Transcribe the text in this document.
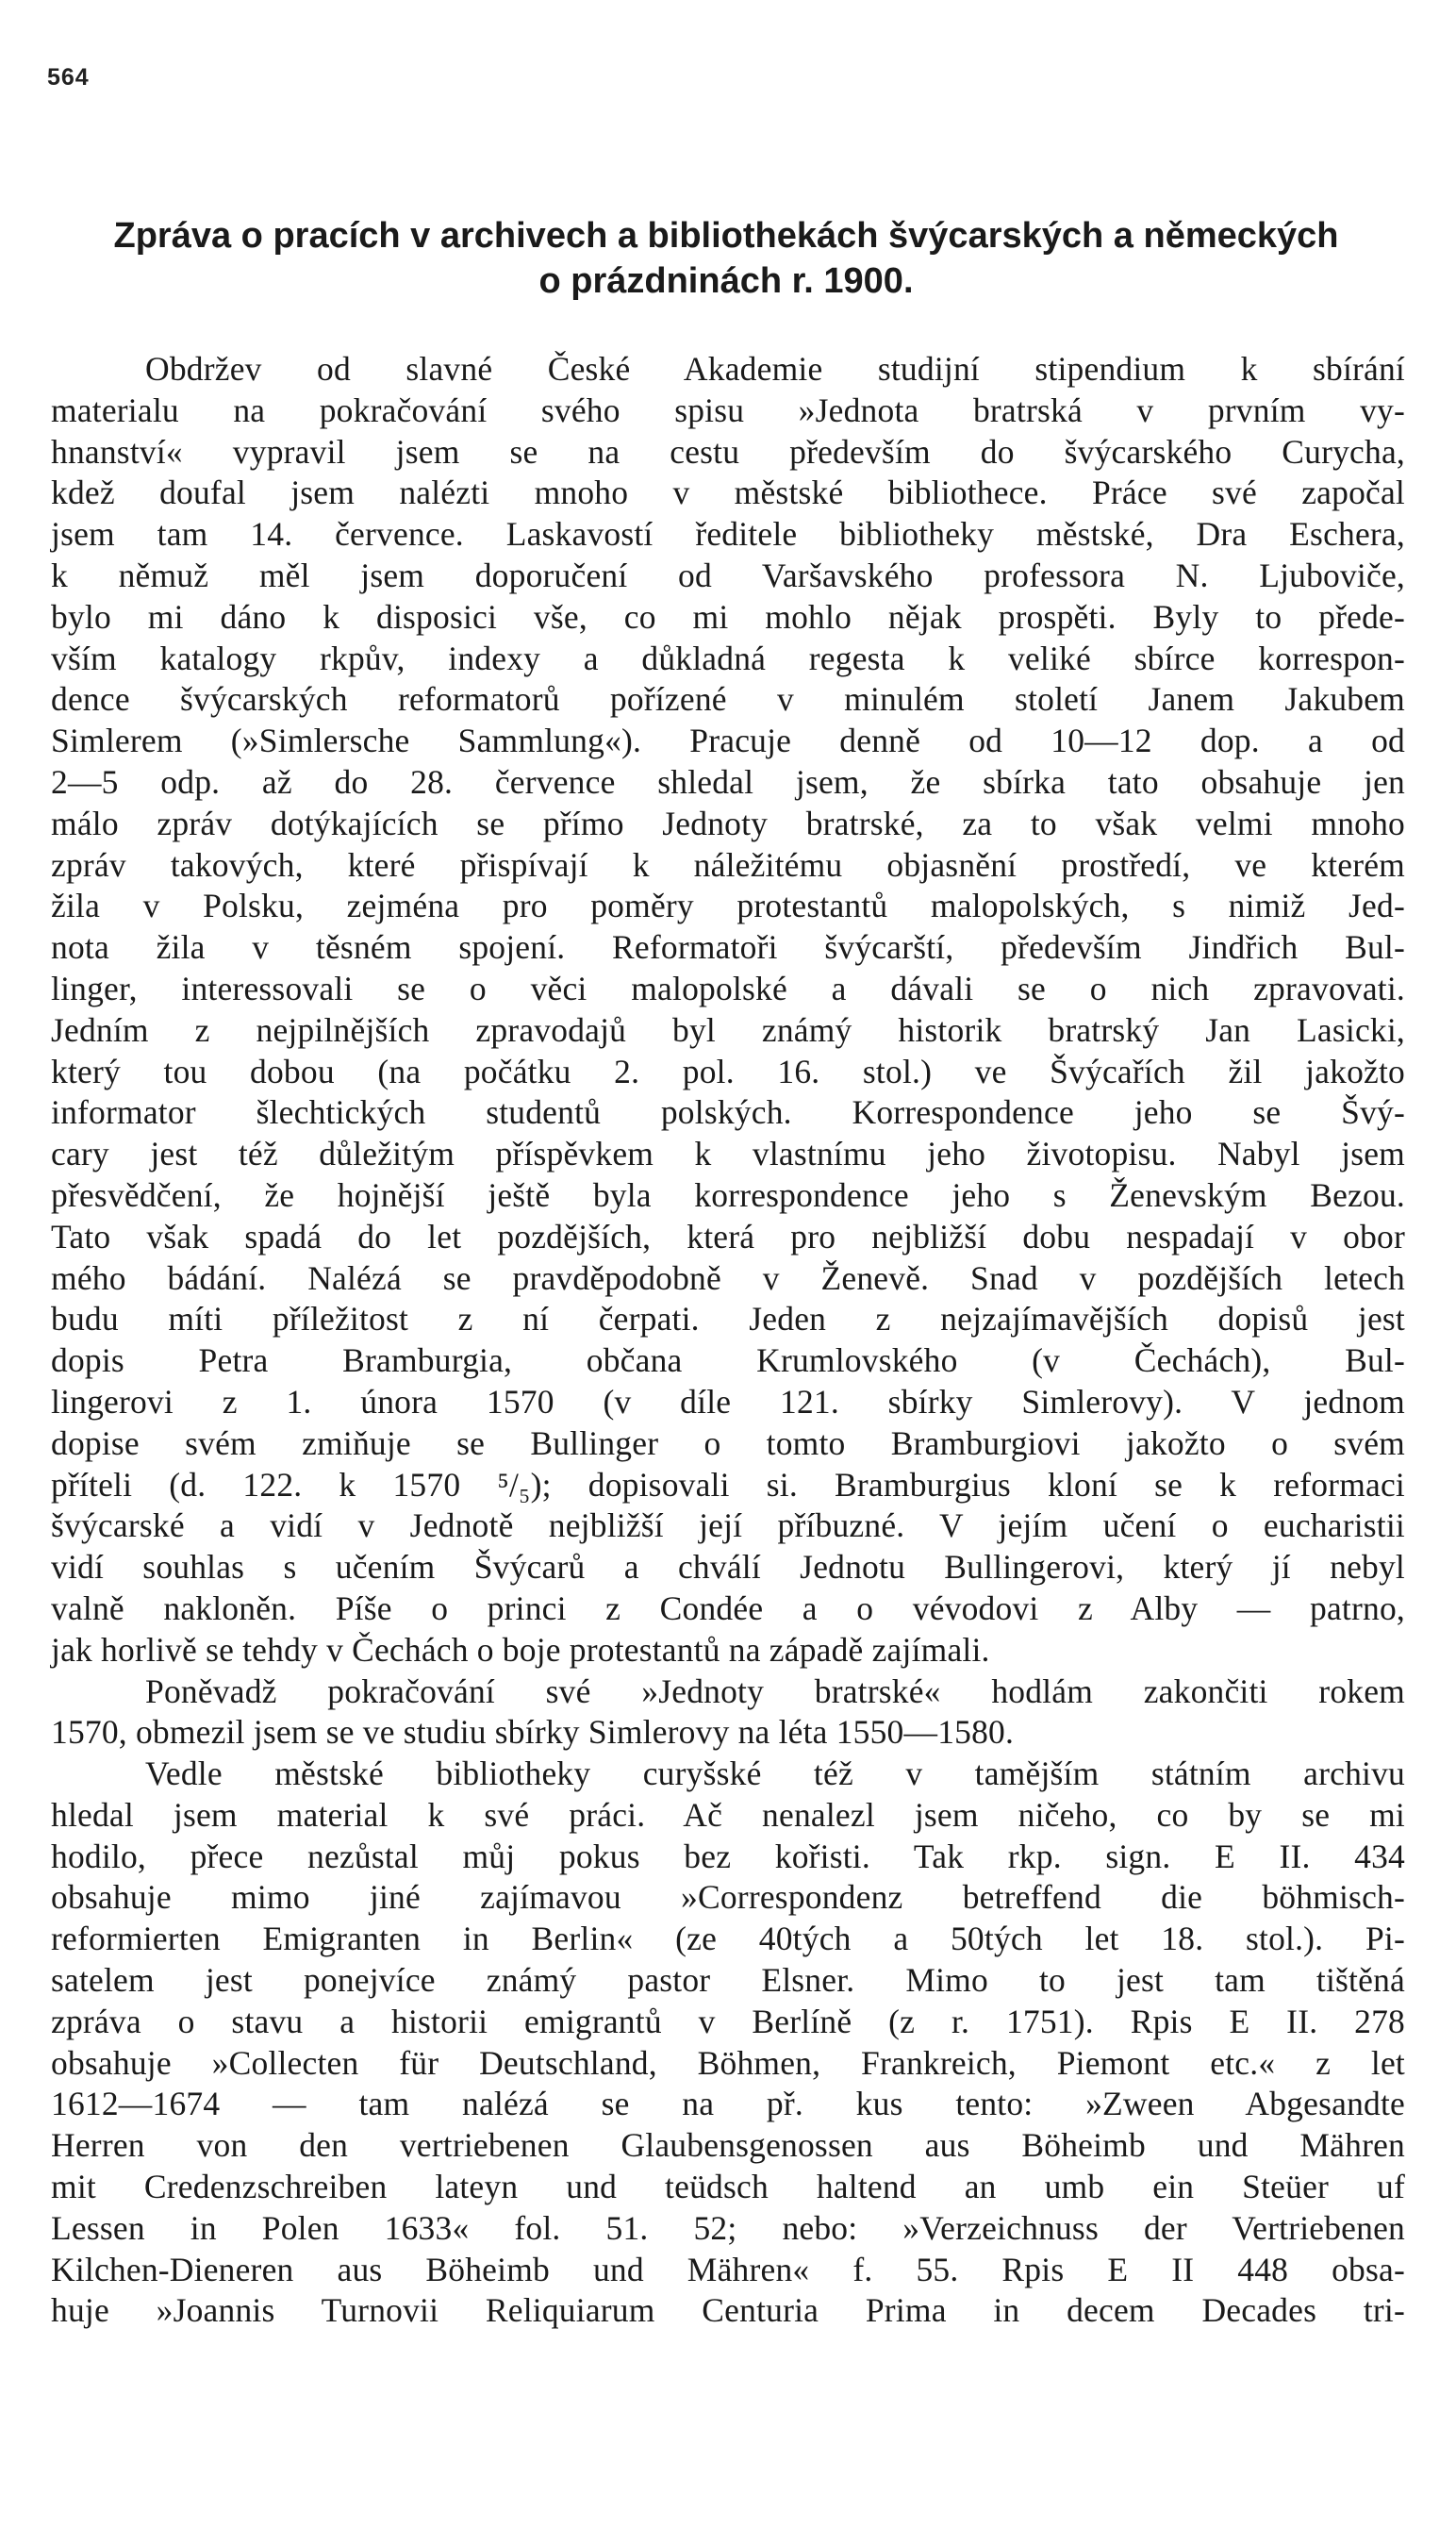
564
Zpráva o pracích v archivech a bibliothekách švýcarských a německých
o prázdninách r. 1900.
Obdržev od slavné České Akademie studijní stipendium k sbírání
materialu na pokračování svého spisu »Jednota bratrská v prvním vy-
hnanství« vypravil jsem se na cestu především do švýcarského Curycha,
kdež doufal jsem nalézti mnoho v městské bibliothece. Práce své započal
jsem tam 14. července. Laskavostí ředitele bibliotheky městské, Dra Eschera,
k němuž měl jsem doporučení od Varšavského professora N. Ljuboviče,
bylo mi dáno k disposici vše, co mi mohlo nějak prospěti. Byly to přede-
vším katalogy rkpův, indexy a důkladná regesta k veliké sbírce korrespon-
dence švýcarských reformatorů pořízené v minulém století Janem Jakubem
Simlerem (»Simlersche Sammlung«). Pracuje denně od 10—12 dop. a od
2—5 odp. až do 28. července shledal jsem, že sbírka tato obsahuje jen
málo zpráv dotýkajících se přímo Jednoty bratrské, za to však velmi mnoho
zpráv takových, které přispívají k náležitému objasnění prostředí, ve kterém
žila v Polsku, zejména pro poměry protestantů malopolských, s nimiž Jed-
nota žila v těsném spojení. Reformatoři švýcarští, především Jindřich Bul-
linger, interessovali se o věci malopolské a dávali se o nich zpravovati.
Jedním z nejpilnějších zpravodajů byl známý historik bratrský Jan Lasicki,
který tou dobou (na počátku 2. pol. 16. stol.) ve Švýcařích žil jakožto
informator šlechtických studentů polských. Korrespondence jeho se Švý-
cary jest též důležitým příspěvkem k vlastnímu jeho životopisu. Nabyl jsem
přesvědčení, že hojnější ještě byla korrespondence jeho s Ženevským Bezou.
Tato však spadá do let pozdějších, která pro nejbližší dobu nespadají v obor
mého bádání. Nalézá se pravděpodobně v Ženevě. Snad v pozdějších letech
budu míti příležitost z ní čerpati. Jeden z nejzajímavějších dopisů jest
dopis Petra Bramburgia, občana Krumlovského (v Čechách), Bul-
lingerovi z 1. února 1570 (v díle 121. sbírky Simlerovy). V jednom
dopise svém zmiňuje se Bullinger o tomto Bramburgiovi jakožto o svém
příteli (d. 122. k 1570 ⁵/₅); dopisovali si. Bramburgius kloní se k reformaci
švýcarské a vidí v Jednotě nejbližší její příbuzné. V jejím učení o eucharistii
vidí souhlas s učením Švýcarů a chválí Jednotu Bullingerovi, který jí nebyl
valně nakloněn. Píše o princi z Condée a o vévodovi z Alby — patrno,
jak horlivě se tehdy v Čechách o boje protestantů na západě zajímali.
Poněvadž pokračování své »Jednoty bratrské« hodlám zakončiti rokem
1570, obmezil jsem se ve studiu sbírky Simlerovy na léta 1550—1580.
Vedle městské bibliotheky curyšské též v tamějším státním archivu
hledal jsem material k své práci. Ač nenalezl jsem ničeho, co by se mi
hodilo, přece nezůstal můj pokus bez kořisti. Tak rkp. sign. E II. 434
obsahuje mimo jiné zajímavou »Correspondenz betreffend die böhmisch-
reformierten Emigranten in Berlin« (ze 40tých a 50tých let 18. stol.). Pi-
satelem jest ponejvíce známý pastor Elsner. Mimo to jest tam tištěná
zpráva o stavu a historii emigrantů v Berlíně (z r. 1751). Rpis E II. 278
obsahuje »Collecten für Deutschland, Böhmen, Frankreich, Piemont etc.« z let
1612—1674 — tam nalézá se na př. kus tento: »Zween Abgesandte
Herren von den vertriebenen Glaubensgenossen aus Böheimb und Mähren
mit Credenzschreiben lateyn und teüdsch haltend an umb ein Steüer uf
Lessen in Polen 1633« fol. 51. 52; nebo: »Verzeichnuss der Vertriebenen
Kilchen-Dieneren aus Böheimb und Mähren« f. 55. Rpis E II 448 obsa-
huje »Joannis Turnovii Reliquiarum Centuria Prima in decem Decades tri-
